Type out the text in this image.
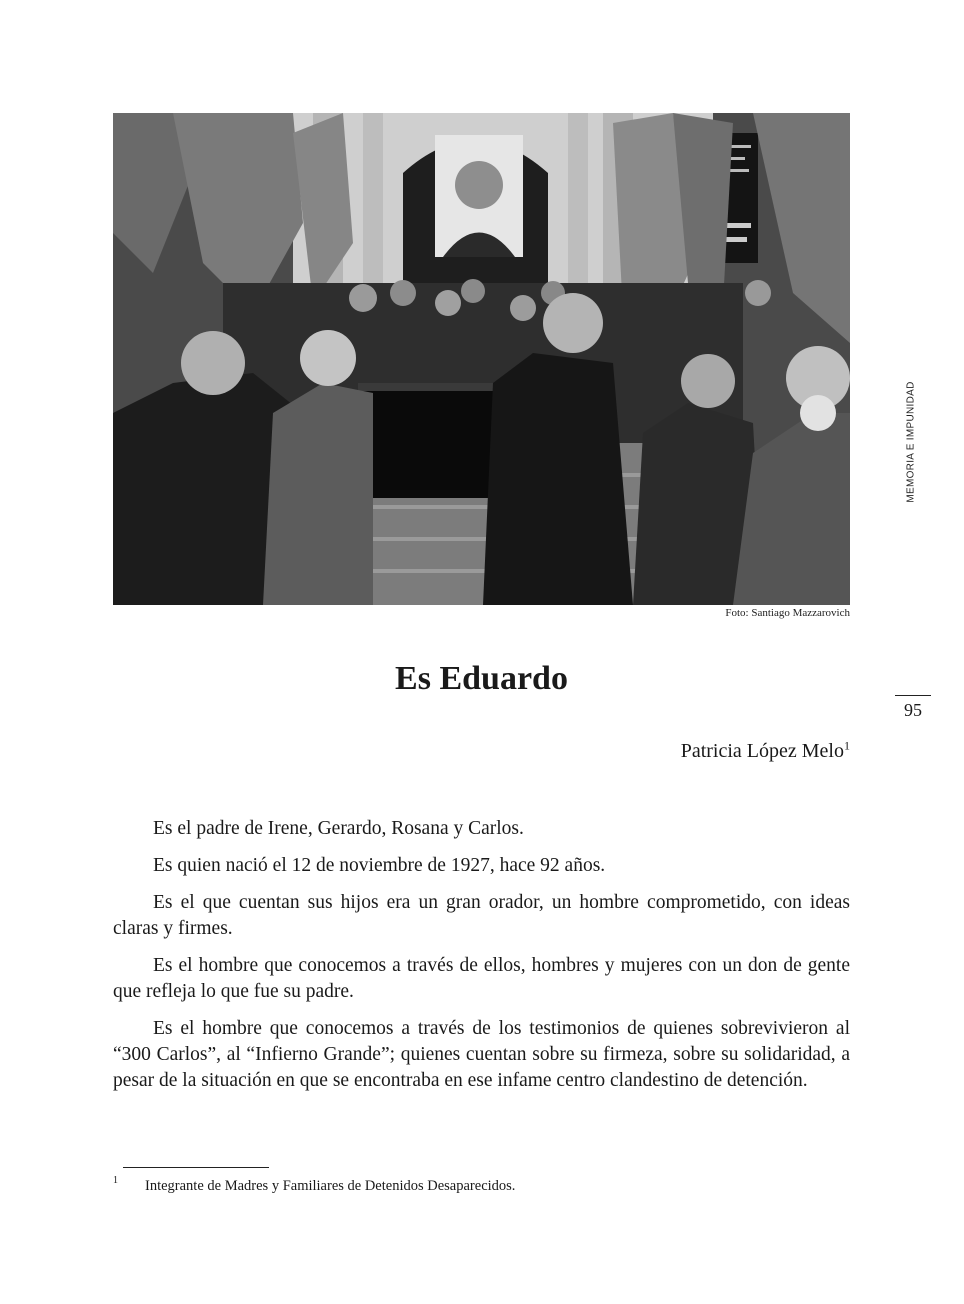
Foto: Santiago Mazzarovich
MEMORIA E IMPUNIDAD
95
Es Eduardo
Patricia López Melo$^1$

Es el padre de Irene, Gerardo, Rosana y Carlos.

Es quien nació el 12 de noviembre de 1927, hace 92 años.

Es el que cuentan sus hijos era un gran orador, un hombre comprometido, con ideas claras y firmes.

Es el hombre que conocemos a través de ellos, hombres y mujeres con un don de gente que refleja lo que fue su padre.

Es el hombre que conocemos a través de los testimonios de quienes sobrevivieron al “300 Carlos”, al “Infierno Grande”; quienes cuentan sobre su firmeza, sobre su solidaridad, a pesar de la situación en que se encontraba en ese infame centro clandestino de detención.

1 Integrante de Madres y Familiares de Detenidos Desaparecidos.
